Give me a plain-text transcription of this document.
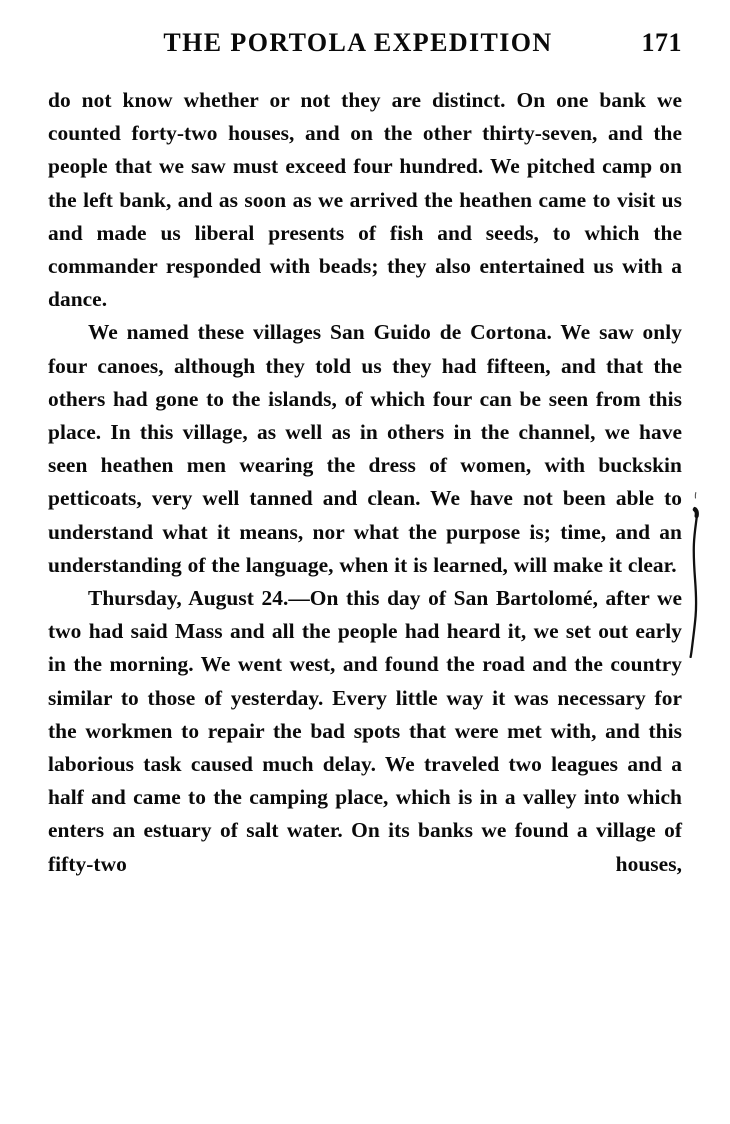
THE PORTOLA EXPEDITION	171

do not know whether or not they are distinct. On one bank we counted forty-two houses, and on the other thirty-seven, and the people that we saw must exceed four hundred. We pitched camp on the left bank, and as soon as we arrived the heathen came to visit us and made us liberal presents of fish and seeds, to which the commander responded with beads; they also entertained us with a dance.

We named these villages San Guido de Cortona. We saw only four canoes, although they told us they had fifteen, and that the others had gone to the islands, of which four can be seen from this place. In this village, as well as in others in the channel, we have seen heathen men wearing the dress of women, with buckskin petticoats, very well tanned and clean. We have not been able to understand what it means, nor what the purpose is; time, and an understanding of the language, when it is learned, will make it clear.

Thursday, August 24.—On this day of San Bartolomé, after we two had said Mass and all the people had heard it, we set out early in the morning. We went west, and found the road and the country similar to those of yesterday. Every little way it was necessary for the workmen to repair the bad spots that were met with, and this laborious task caused much delay. We traveled two leagues and a half and came to the camping place, which is in a valley into which enters an estuary of salt water. On its banks we found a village of fifty-two houses,
